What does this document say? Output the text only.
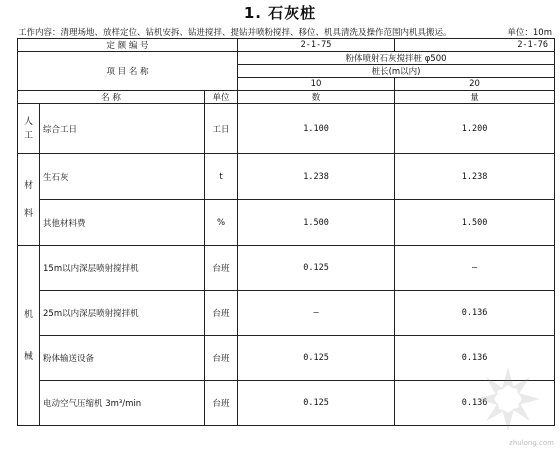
1. 石灰桩
工作内容：清理场地、放样定位、钻机安拆、钻进搅拌、提钻并喷粉搅拌、移位、机具清洗及操作范围内机具搬运。	单位：10m
定 额 编 号			2-1-75	2-1-76
项 目 名 称			粉体喷射石灰搅拌桩 φ500	
			桩长(m以内)	
			10	20
名 称		单位	数	量
人
工	综合工日	工日	1.100	1.200
材

料	生石灰	t	1.238	1.238
	其他材料费	%	1.500	1.500
机

械	15m以内深层喷射搅拌机	台班	0.125	—
	25m以内深层喷射搅拌机	台班	—	0.136
	粉体输送设备	台班	0.125	0.136
	电动空气压缩机 3m³/min	台班	0.125	0.136
zhulong.com
